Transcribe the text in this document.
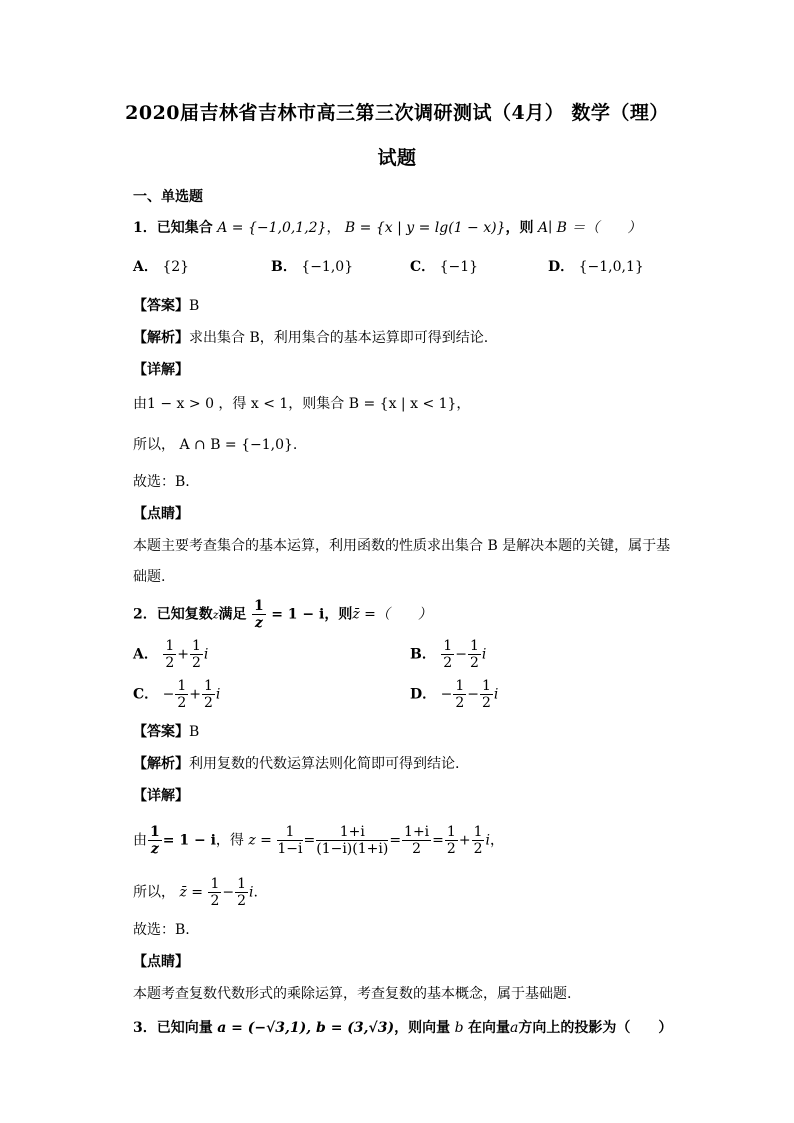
2020届吉林省吉林市高三第三次调研测试（4月） 数学（理）
试题
一、单选题
1．已知集合 A = {−1,0,1,2}， B = {x | y = lg(1 − x)}，则 A∣ B ＝（　　）
A． {2}	B． {−1,0}	C． {−1}	D． {−1,0,1}
【答案】B
【解析】求出集合 B，利用集合的基本运算即可得到结论.
【详解】
由1 − x > 0 ，得 x < 1，则集合 B = {x | x < 1}，
所以， A ∩ B = {−1,0}.
故选：B.
【点睛】
本题主要考查集合的基本运算，利用函数的性质求出集合 B 是解决本题的关键，属于基
础题.
2．已知复数z满足 $\frac{1}{z} = 1 - i$，则z̄ =（　　）
A． $\frac{1}{2} + \frac{1}{2}$ i	B． $\frac{1}{2} - \frac{1}{2}$ i
C． − $\frac{1}{2} + \frac{1}{2}$ i	D． − $\frac{1}{2} - \frac{1}{2}$ i
【答案】B
【解析】利用复数的代数运算法则化简即可得到结论.
【详解】
由 $\frac{1}{z} = 1 - i$，得 $z = \frac{1}{1-i} = \frac{1+i}{(1-i)(1+i)} = \frac{1+i}{2} = \frac{1}{2} + \frac{1}{2}$ i，
所以， z̄ = $\frac{1}{2} - \frac{1}{2} i$.
故选：B.
【点睛】
本题考查复数代数形式的乘除运算，考查复数的基本概念，属于基础题.
3．已知向量 a = (−√3,1), b = (3,√3)，则向量 b 在向量a方向上的投影为（　　）
